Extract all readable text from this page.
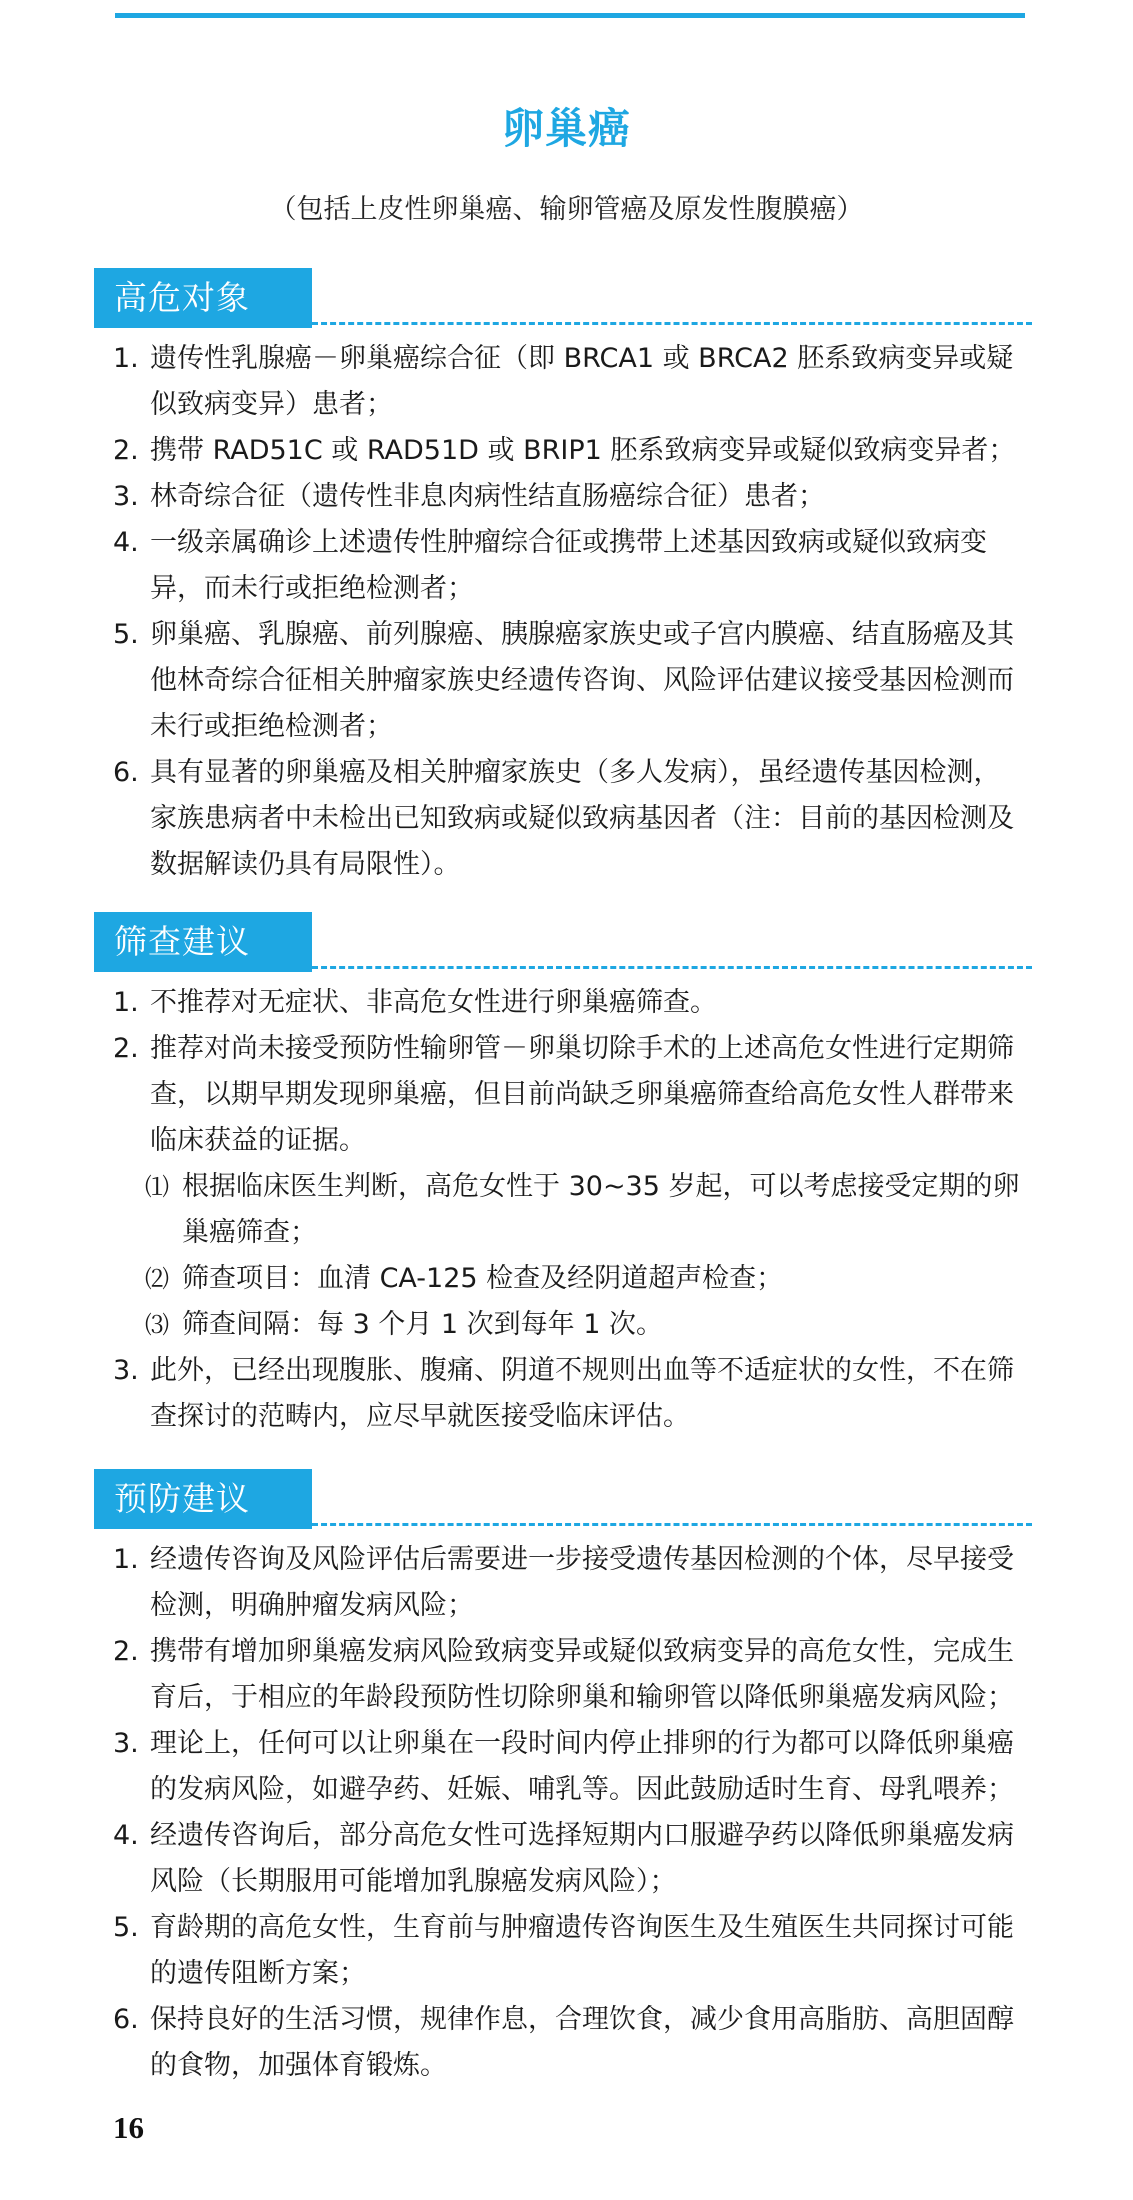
卵巢癌
（包括上皮性卵巢癌、输卵管癌及原发性腹膜癌）
高危对象
1. 遗传性乳腺癌－卵巢癌综合征（即 BRCA1 或 BRCA2 胚系致病变异或疑似致病变异）患者；
2. 携带 RAD51C 或 RAD51D 或 BRIP1 胚系致病变异或疑似致病变异者；
3. 林奇综合征（遗传性非息肉病性结直肠癌综合征）患者；
4. 一级亲属确诊上述遗传性肿瘤综合征或携带上述基因致病或疑似致病变异，而未行或拒绝检测者；
5. 卵巢癌、乳腺癌、前列腺癌、胰腺癌家族史或子宫内膜癌、结直肠癌及其他林奇综合征相关肿瘤家族史经遗传咨询、风险评估建议接受基因检测而未行或拒绝检测者；
6. 具有显著的卵巢癌及相关肿瘤家族史（多人发病），虽经遗传基因检测，家族患病者中未检出已知致病或疑似致病基因者（注：目前的基因检测及数据解读仍具有局限性）。
筛查建议
1. 不推荐对无症状、非高危女性进行卵巢癌筛查。
2. 推荐对尚未接受预防性输卵管－卵巢切除手术的上述高危女性进行定期筛查，以期早期发现卵巢癌，但目前尚缺乏卵巢癌筛查给高危女性人群带来临床获益的证据。
⑴ 根据临床医生判断，高危女性于 30~35 岁起，可以考虑接受定期的卵巢癌筛查；
⑵ 筛查项目：血清 CA-125 检查及经阴道超声检查；
⑶ 筛查间隔：每 3 个月 1 次到每年 1 次。
3. 此外，已经出现腹胀、腹痛、阴道不规则出血等不适症状的女性，不在筛查探讨的范畴内，应尽早就医接受临床评估。
预防建议
1. 经遗传咨询及风险评估后需要进一步接受遗传基因检测的个体，尽早接受检测，明确肿瘤发病风险；
2. 携带有增加卵巢癌发病风险致病变异或疑似致病变异的高危女性，完成生育后，于相应的年龄段预防性切除卵巢和输卵管以降低卵巢癌发病风险；
3. 理论上，任何可以让卵巢在一段时间内停止排卵的行为都可以降低卵巢癌的发病风险，如避孕药、妊娠、哺乳等。因此鼓励适时生育、母乳喂养；
4. 经遗传咨询后，部分高危女性可选择短期内口服避孕药以降低卵巢癌发病风险（长期服用可能增加乳腺癌发病风险）；
5. 育龄期的高危女性，生育前与肿瘤遗传咨询医生及生殖医生共同探讨可能的遗传阻断方案；
6. 保持良好的生活习惯，规律作息，合理饮食，减少食用高脂肪、高胆固醇的食物，加强体育锻炼。
16
